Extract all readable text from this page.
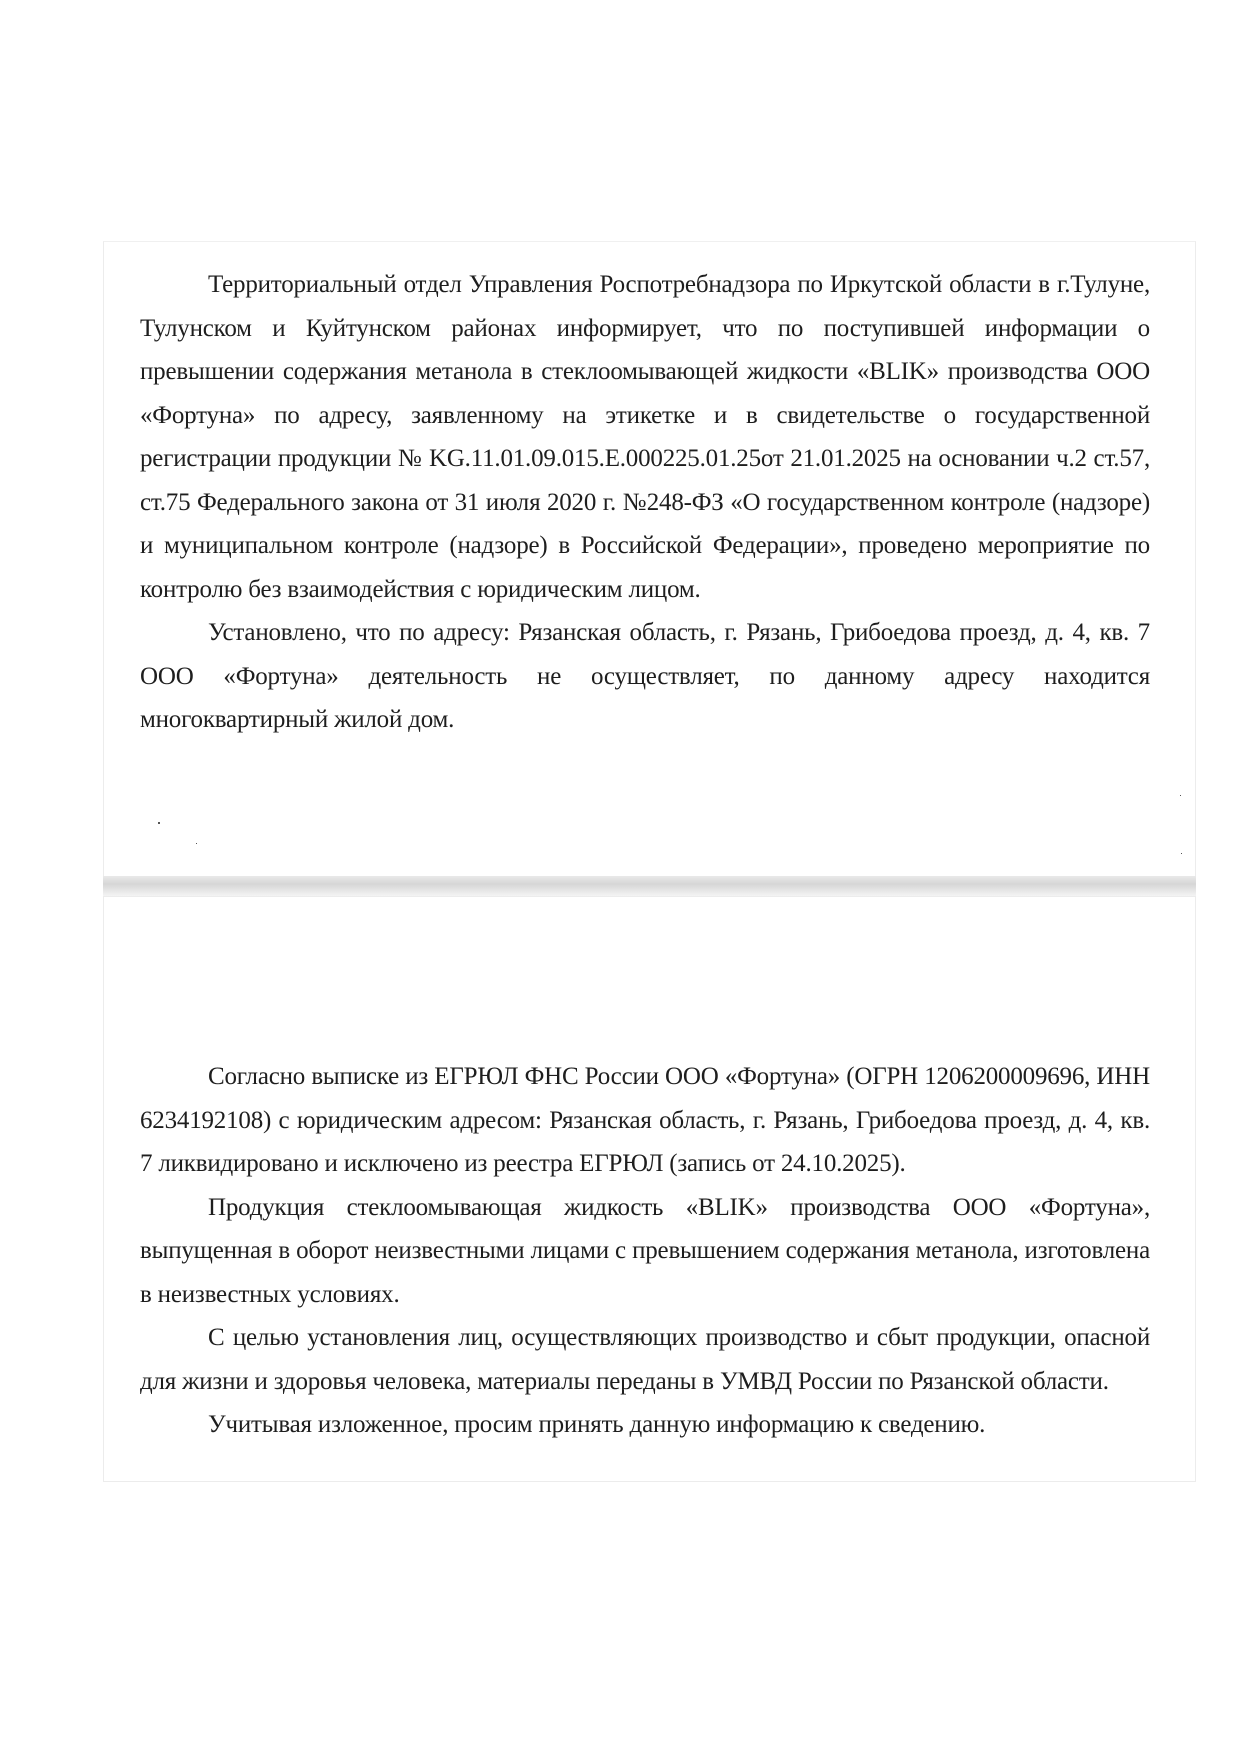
Территориальный отдел Управления Роспотребнадзора по Иркутской области в г.Тулуне, Тулунском и Куйтунском районах информирует, что по поступившей информации о превышении содержания метанола в стеклоомывающей жидкости «BLIK» производства ООО «Фортуна» по адресу, заявленному на этикетке и в свидетельстве о государственной регистрации продукции № KG.11.01.09.015.Е.000225.01.25от 21.01.2025 на основании ч.2 ст.57, ст.75 Федерального закона от 31 июля 2020 г. №248-ФЗ «О государственном контроле (надзоре) и муниципальном контроле (надзоре) в Российской Федерации», проведено мероприятие по контролю без взаимодействия с юридическим лицом.

Установлено, что по адресу: Рязанская область, г. Рязань, Грибоедова проезд, д. 4, кв. 7 ООО «Фортуна» деятельность не осуществляет, по данному адресу находится многоквартирный жилой дом.

Согласно выписке из ЕГРЮЛ ФНС России ООО «Фортуна» (ОГРН 1206200009696, ИНН 6234192108) с юридическим адресом: Рязанская область, г. Рязань, Грибоедова проезд, д. 4, кв. 7 ликвидировано и исключено из реестра ЕГРЮЛ (запись от 24.10.2025).

Продукция стеклоомывающая жидкость «BLIK» производства ООО «Фортуна», выпущенная в оборот неизвестными лицами с превышением содержания метанола, изготовлена в неизвестных условиях.

С целью установления лиц, осуществляющих производство и сбыт продукции, опасной для жизни и здоровья человека, материалы переданы в УМВД России по Рязанской области.

Учитывая изложенное, просим принять данную информацию к сведению.
